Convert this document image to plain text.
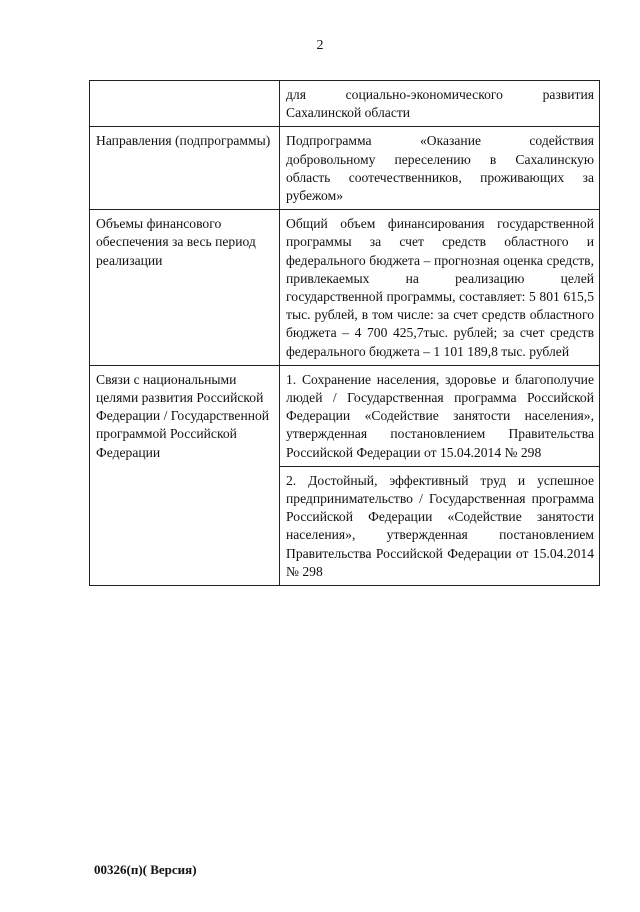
2
	для социально-экономического развития Сахалинской области
Направления (подпрограммы)	Подпрограмма «Оказание содействия добровольному переселению в Сахалинскую область соотечественников, проживающих за рубежом»
Объемы финансового обеспечения за весь период реализации	Общий объем финансирования государственной программы за счет средств областного и федерального бюджета – прогнозная оценка средств, привлекаемых на реализацию целей государственной программы, составляет: 5 801 615,5 тыс. рублей, в том числе: за счет средств областного бюджета – 4 700 425,7тыс. рублей; за счет средств федерального бюджета – 1 101 189,8 тыс. рублей
Связи с национальными целями развития Российской Федерации / Государственной программой Российской Федерации	1. Сохранение населения, здоровье и благополучие людей / Государственная программа Российской Федерации «Содействие занятости населения», утвержденная постановлением Правительства Российской Федерации от 15.04.2014 № 298
	2. Достойный, эффективный труд и успешное предпринимательство / Государственная программа Российской Федерации «Содействие занятости населения», утвержденная постановлением Правительства Российской Федерации от 15.04.2014 № 298
00326(п)( Версия)
